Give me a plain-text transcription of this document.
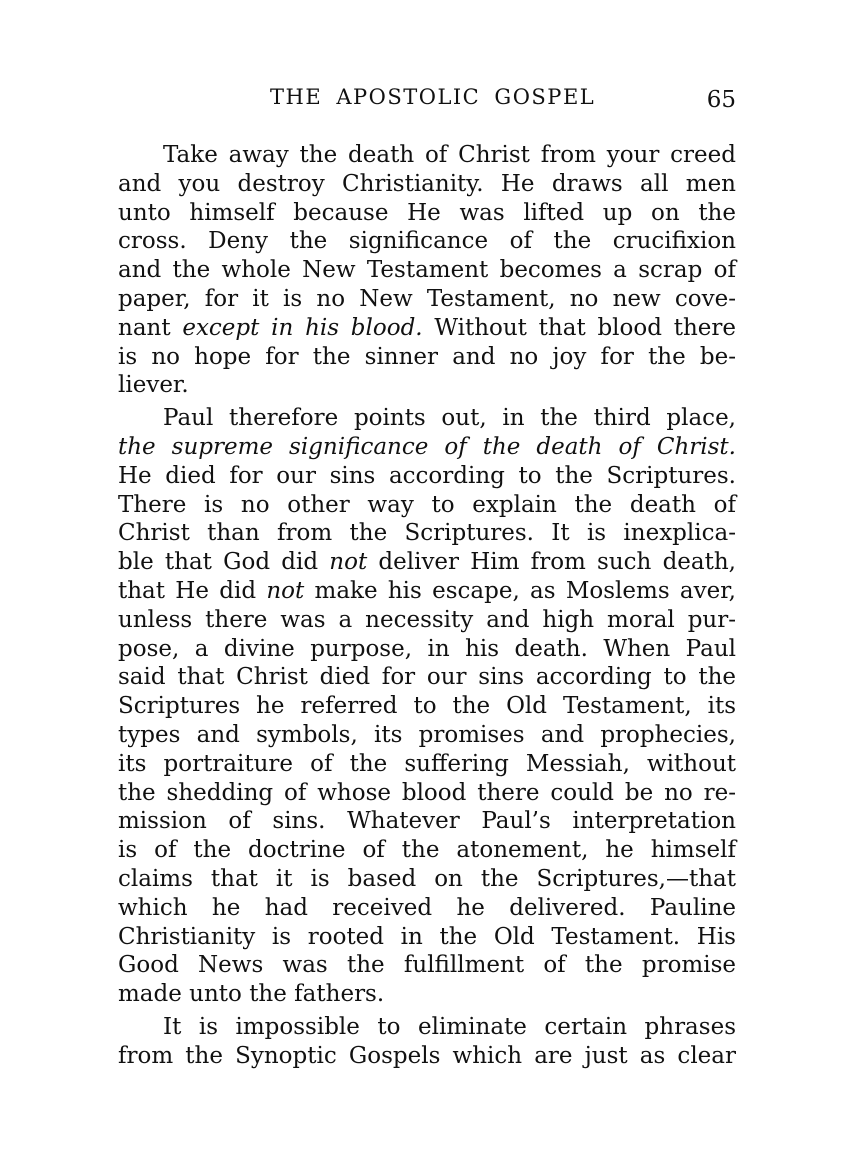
THE APOSTOLIC GOSPEL	65
Take away the death of Christ from your creed
and you destroy Christianity. He draws all men
unto himself because He was lifted up on the
cross. Deny the significance of the crucifixion
and the whole New Testament becomes a scrap of
paper, for it is no New Testament, no new cove-
nant except in his blood. Without that blood there
is no hope for the sinner and no joy for the be-
liever.
Paul therefore points out, in the third place,
the supreme significance of the death of Christ.
He died for our sins according to the Scriptures.
There is no other way to explain the death of
Christ than from the Scriptures. It is inexplica-
ble that God did not deliver Him from such death,
that He did not make his escape, as Moslems aver,
unless there was a necessity and high moral pur-
pose, a divine purpose, in his death. When Paul
said that Christ died for our sins according to the
Scriptures he referred to the Old Testament, its
types and symbols, its promises and prophecies,
its portraiture of the suffering Messiah, without
the shedding of whose blood there could be no re-
mission of sins. Whatever Paul’s interpretation
is of the doctrine of the atonement, he himself
claims that it is based on the Scriptures,—that
which he had received he delivered. Pauline
Christianity is rooted in the Old Testament. His
Good News was the fulfillment of the promise
made unto the fathers.
It is impossible to eliminate certain phrases
from the Synoptic Gospels which are just as clear
